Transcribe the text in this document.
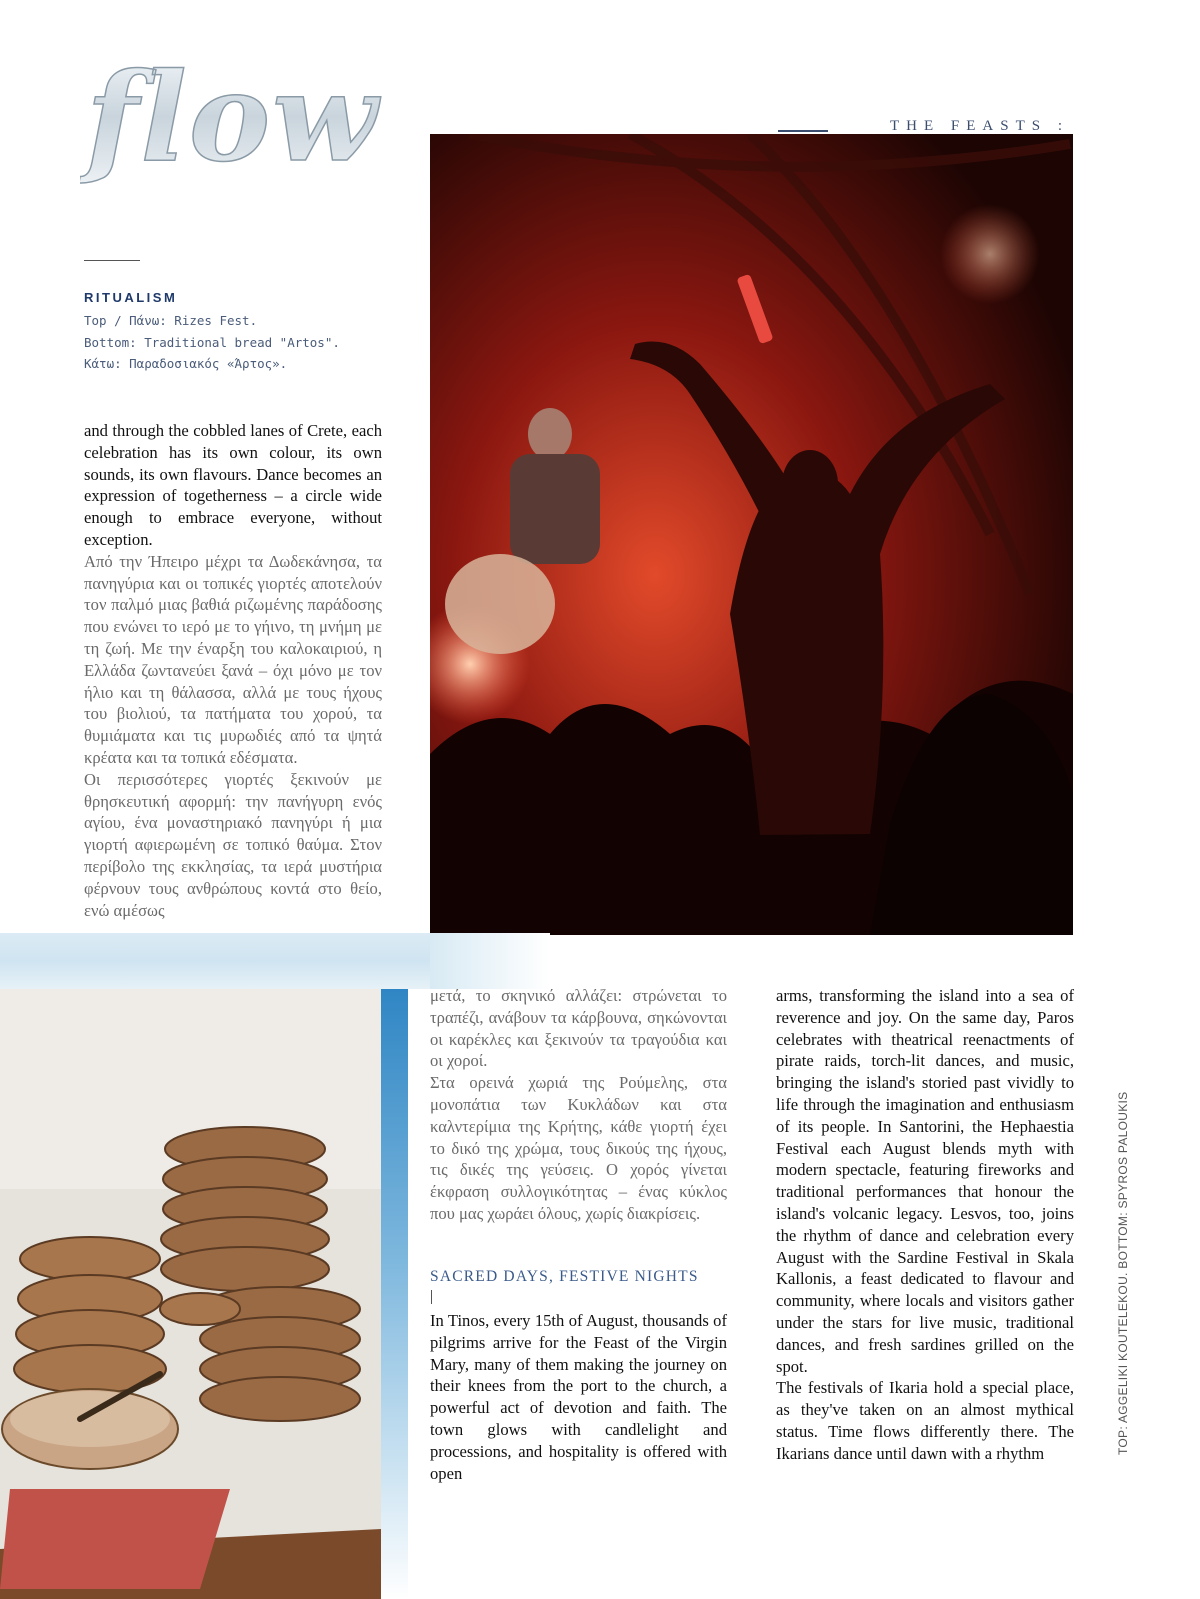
flow	THE FEASTS :
RITUALISM
Top / Πάνω: Rizes Fest.
Bottom: Traditional bread "Artos".
Κάτω: Παραδοσιακός «Άρτος».
and through the cobbled lanes of Crete, each celebration has its own colour, its own sounds, its own flavours. Dance becomes an expression of togetherness – a circle wide enough to embrace everyone, without exception.
Από την Ήπειρο μέχρι τα Δωδεκάνησα, τα πανηγύρια και οι τοπικές γιορτές αποτελούν τον παλμό μιας βαθιά ριζωμένης παράδοσης που ενώνει το ιερό με το γήινο, τη μνήμη με τη ζωή. Με την έναρξη του καλοκαιριού, η Ελλάδα ζωντανεύει ξανά – όχι μόνο με τον ήλιο και τη θάλασσα, αλλά με τους ήχους του βιολιού, τα πατήματα του χορού, τα θυμιάματα και τις μυρωδιές από τα ψητά κρέατα και τα τοπικά εδέσματα.
Οι περισσότερες γιορτές ξεκινούν με θρησκευτική αφορμή: την πανήγυρη ενός αγίου, ένα μοναστηριακό πανηγύρι ή μια γιορτή αφιερωμένη σε τοπικό θαύμα. Στον περίβολο της εκκλησίας, τα ιερά μυστήρια φέρνουν τους ανθρώπους κοντά στο θείο, ενώ αμέσως
μετά, το σκηνικό αλλάζει: στρώνεται το τραπέζι, ανάβουν τα κάρβουνα, σηκώνονται οι καρέκλες και ξεκινούν τα τραγούδια και οι χοροί.
Στα ορεινά χωριά της Ρούμελης, στα μονοπάτια των Κυκλάδων και στα καλντερίμια της Κρήτης, κάθε γιορτή έχει το δικό της χρώμα, τους δικούς της ήχους, τις δικές της γεύσεις. Ο χορός γίνεται έκφραση συλλογικότητας – ένας κύκλος που μας χωράει όλους, χωρίς διακρίσεις.
SACRED DAYS, FESTIVE NIGHTS
In Tinos, every 15th of August, thousands of pilgrims arrive for the Feast of the Virgin Mary, many of them making the journey on their knees from the port to the church, a powerful act of devotion and faith. The town glows with candlelight and processions, and hospitality is offered with open
arms, transforming the island into a sea of reverence and joy. On the same day, Paros celebrates with theatrical reenactments of pirate raids, torch-lit dances, and music, bringing the island's storied past vividly to life through the imagination and enthusiasm of its people. In Santorini, the Hephaestia Festival each August blends myth with modern spectacle, featuring fireworks and traditional performances that honour the island's volcanic legacy. Lesvos, too, joins the rhythm of dance and celebration every August with the Sardine Festival in Skala Kallonis, a feast dedicated to flavour and community, where locals and visitors gather under the stars for live music, traditional dances, and fresh sardines grilled on the spot.
The festivals of Ikaria hold a special place, as they've taken on an almost mythical status. Time flows differently there. The Ikarians dance until dawn with a rhythm	TOP: AGGELIKI KOUTELEKOU. BOTTOM: SPYROS PALOUKIS
